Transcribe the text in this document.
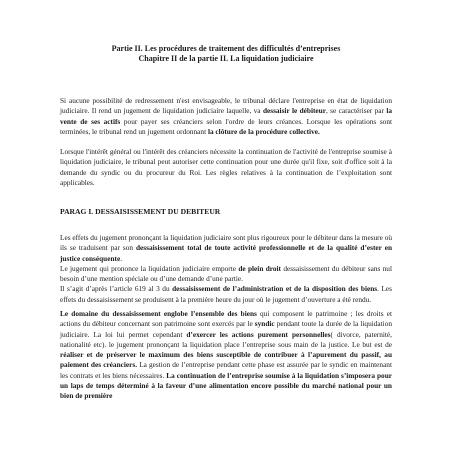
Partie II. Les procédures de traitement des difficultés d’entreprises
Chapitre II de la partie II. La liquidation judiciaire
Si aucune possibilité de redressement n'est envisageable, le tribunal déclare l'entreprise en état de liquidation judiciaire. Il rend un jugement de liquidation judiciaire laquelle, va dessaisir le débiteur, se caractériser par la vente de ses actifs pour payer ses créanciers selon l'ordre de leurs créances. Lorsque les opérations sont terminées, le tribunal rend un jugement ordonnant la clôture de la procédure collective.
Lorsque l'intérêt général ou l'intérêt des créanciers nécessite la continuation de l'activité de l'entreprise soumise à liquidation judiciaire, le tribunal peut autoriser cette continuation pour une durée qu'il fixe, soit d'office soit à la demande du syndic ou du procureur du Roi. Les règles relatives à la continuation de l’exploitation sont applicables.
PARAG I. DESSAISISSEMENT DU DEBITEUR
Les effets du jugement prononçant la liquidation judiciaire sont plus rigoureux pour le débiteur dans la mesure où ils se traduisent par son dessaisissement total de toute activité professionnelle et de la qualité d’ester en justice conséquente.
Le jugement qui prononce la liquidation judiciaire emporte de plein droit dessaisissement du débiteur sans nul besoin d’une mention spéciale ou d’une demande d’une partie.
Il s’agit d’après l’article 619 al 3 du dessaisissement de l’administration et de la disposition des biens. Les effets du dessaisissement se produisent à la première heure du jour où le jugement d’ouverture a été rendu.
Le domaine du dessaisissement englobe l’ensemble des biens qui composent le patrimoine ; les droits et actions du débiteur concernant son patrimoine sont exercés par le syndic pendant toute la durée de la liquidation judiciaire. La loi lui permet cependant d’exercer les actions purement personnelles( divorce, paternité, nationalité etc). le jugement prononçant la liquidation place l’entreprise sous main de la justice. Le but est de réaliser et de préserver le maximum des biens susceptible de contribuer à l’apurement du passif, au paiement des créanciers. La gestion de l’entreprise pendant cette phase est assurée par le syndic en maintenant les contrats et les biens nécessaires. La continuation de l’entreprise soumise à la liquidation s’imposera pour un laps de temps déterminé à la faveur d’une alimentation encore possible du marché national pour un bien de première
